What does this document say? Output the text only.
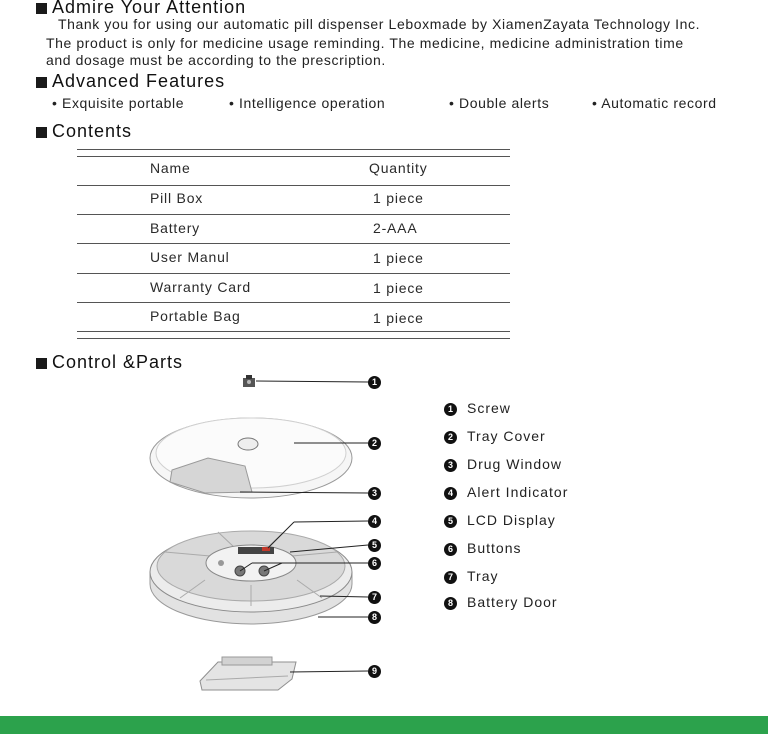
Admire Your Attention
Thank you for using our automatic pill dispenser Leboxmade by XiamenZayata Technology Inc.
The product is only for medicine usage reminding. The medicine, medicine administration time
and dosage must be according to the prescription.
Advanced Features
• Exquisite portable	• Intelligence operation	• Double alerts	• Automatic record
Contents
Name	Quantity
Pill Box	1 piece
Battery	2-AAA
User Manul	1 piece
Warranty Card	1 piece
Portable Bag	1 piece
Control &Parts
1
2
3
4
5
6
7
8
9
1 Screw
2 Tray Cover
3 Drug Window
4 Alert Indicator
5 LCD Display
6 Buttons
7 Tray
8 Battery Door
